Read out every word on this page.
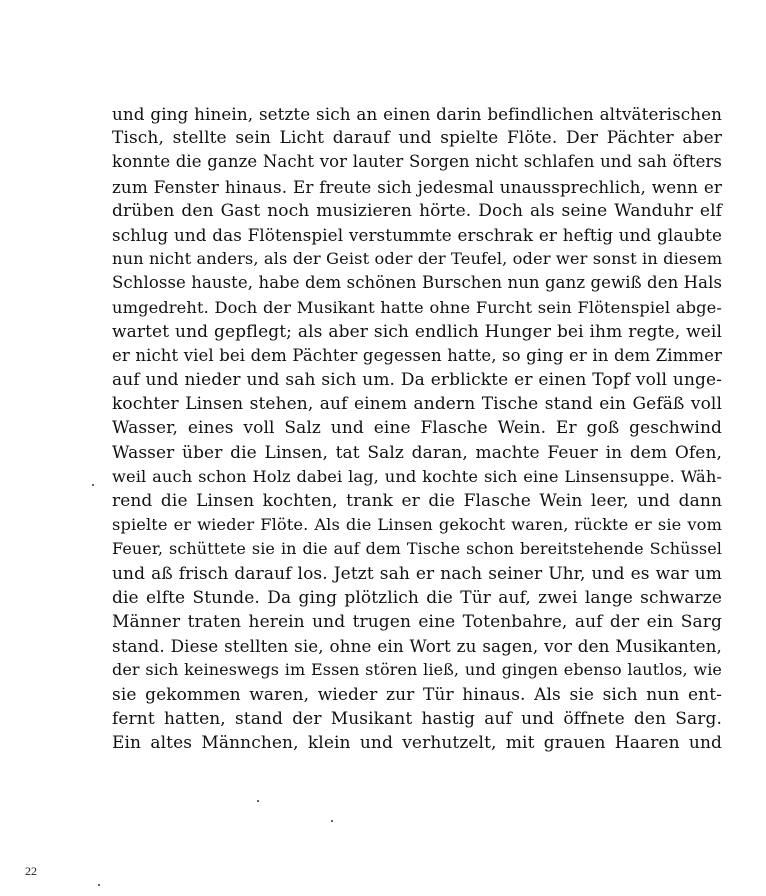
und ging hinein, setzte sich an einen darin befindlichen altväterischen
Tisch, stellte sein Licht darauf und spielte Flöte. Der Pächter aber
konnte die ganze Nacht vor lauter Sorgen nicht schlafen und sah öfters
zum Fenster hinaus. Er freute sich jedesmal unaussprechlich, wenn er
drüben den Gast noch musizieren hörte. Doch als seine Wanduhr elf
schlug und das Flötenspiel verstummte erschrak er heftig und glaubte
nun nicht anders, als der Geist oder der Teufel, oder wer sonst in diesem
Schlosse hauste, habe dem schönen Burschen nun ganz gewiß den Hals
umgedreht. Doch der Musikant hatte ohne Furcht sein Flötenspiel abge-
wartet und gepflegt; als aber sich endlich Hunger bei ihm regte, weil
er nicht viel bei dem Pächter gegessen hatte, so ging er in dem Zimmer
auf und nieder und sah sich um. Da erblickte er einen Topf voll unge-
kochter Linsen stehen, auf einem andern Tische stand ein Gefäß voll
Wasser, eines voll Salz und eine Flasche Wein. Er goß geschwind
Wasser über die Linsen, tat Salz daran, machte Feuer in dem Ofen,
weil auch schon Holz dabei lag, und kochte sich eine Linsensuppe. Wäh-
rend die Linsen kochten, trank er die Flasche Wein leer, und dann
spielte er wieder Flöte. Als die Linsen gekocht waren, rückte er sie vom
Feuer, schüttete sie in die auf dem Tische schon bereitstehende Schüssel
und aß frisch darauf los. Jetzt sah er nach seiner Uhr, und es war um
die elfte Stunde. Da ging plötzlich die Tür auf, zwei lange schwarze
Männer traten herein und trugen eine Totenbahre, auf der ein Sarg
stand. Diese stellten sie, ohne ein Wort zu sagen, vor den Musikanten,
der sich keineswegs im Essen stören ließ, und gingen ebenso lautlos, wie
sie gekommen waren, wieder zur Tür hinaus. Als sie sich nun ent-
fernt hatten, stand der Musikant hastig auf und öffnete den Sarg.
Ein altes Männchen, klein und verhutzelt, mit grauen Haaren und
22
